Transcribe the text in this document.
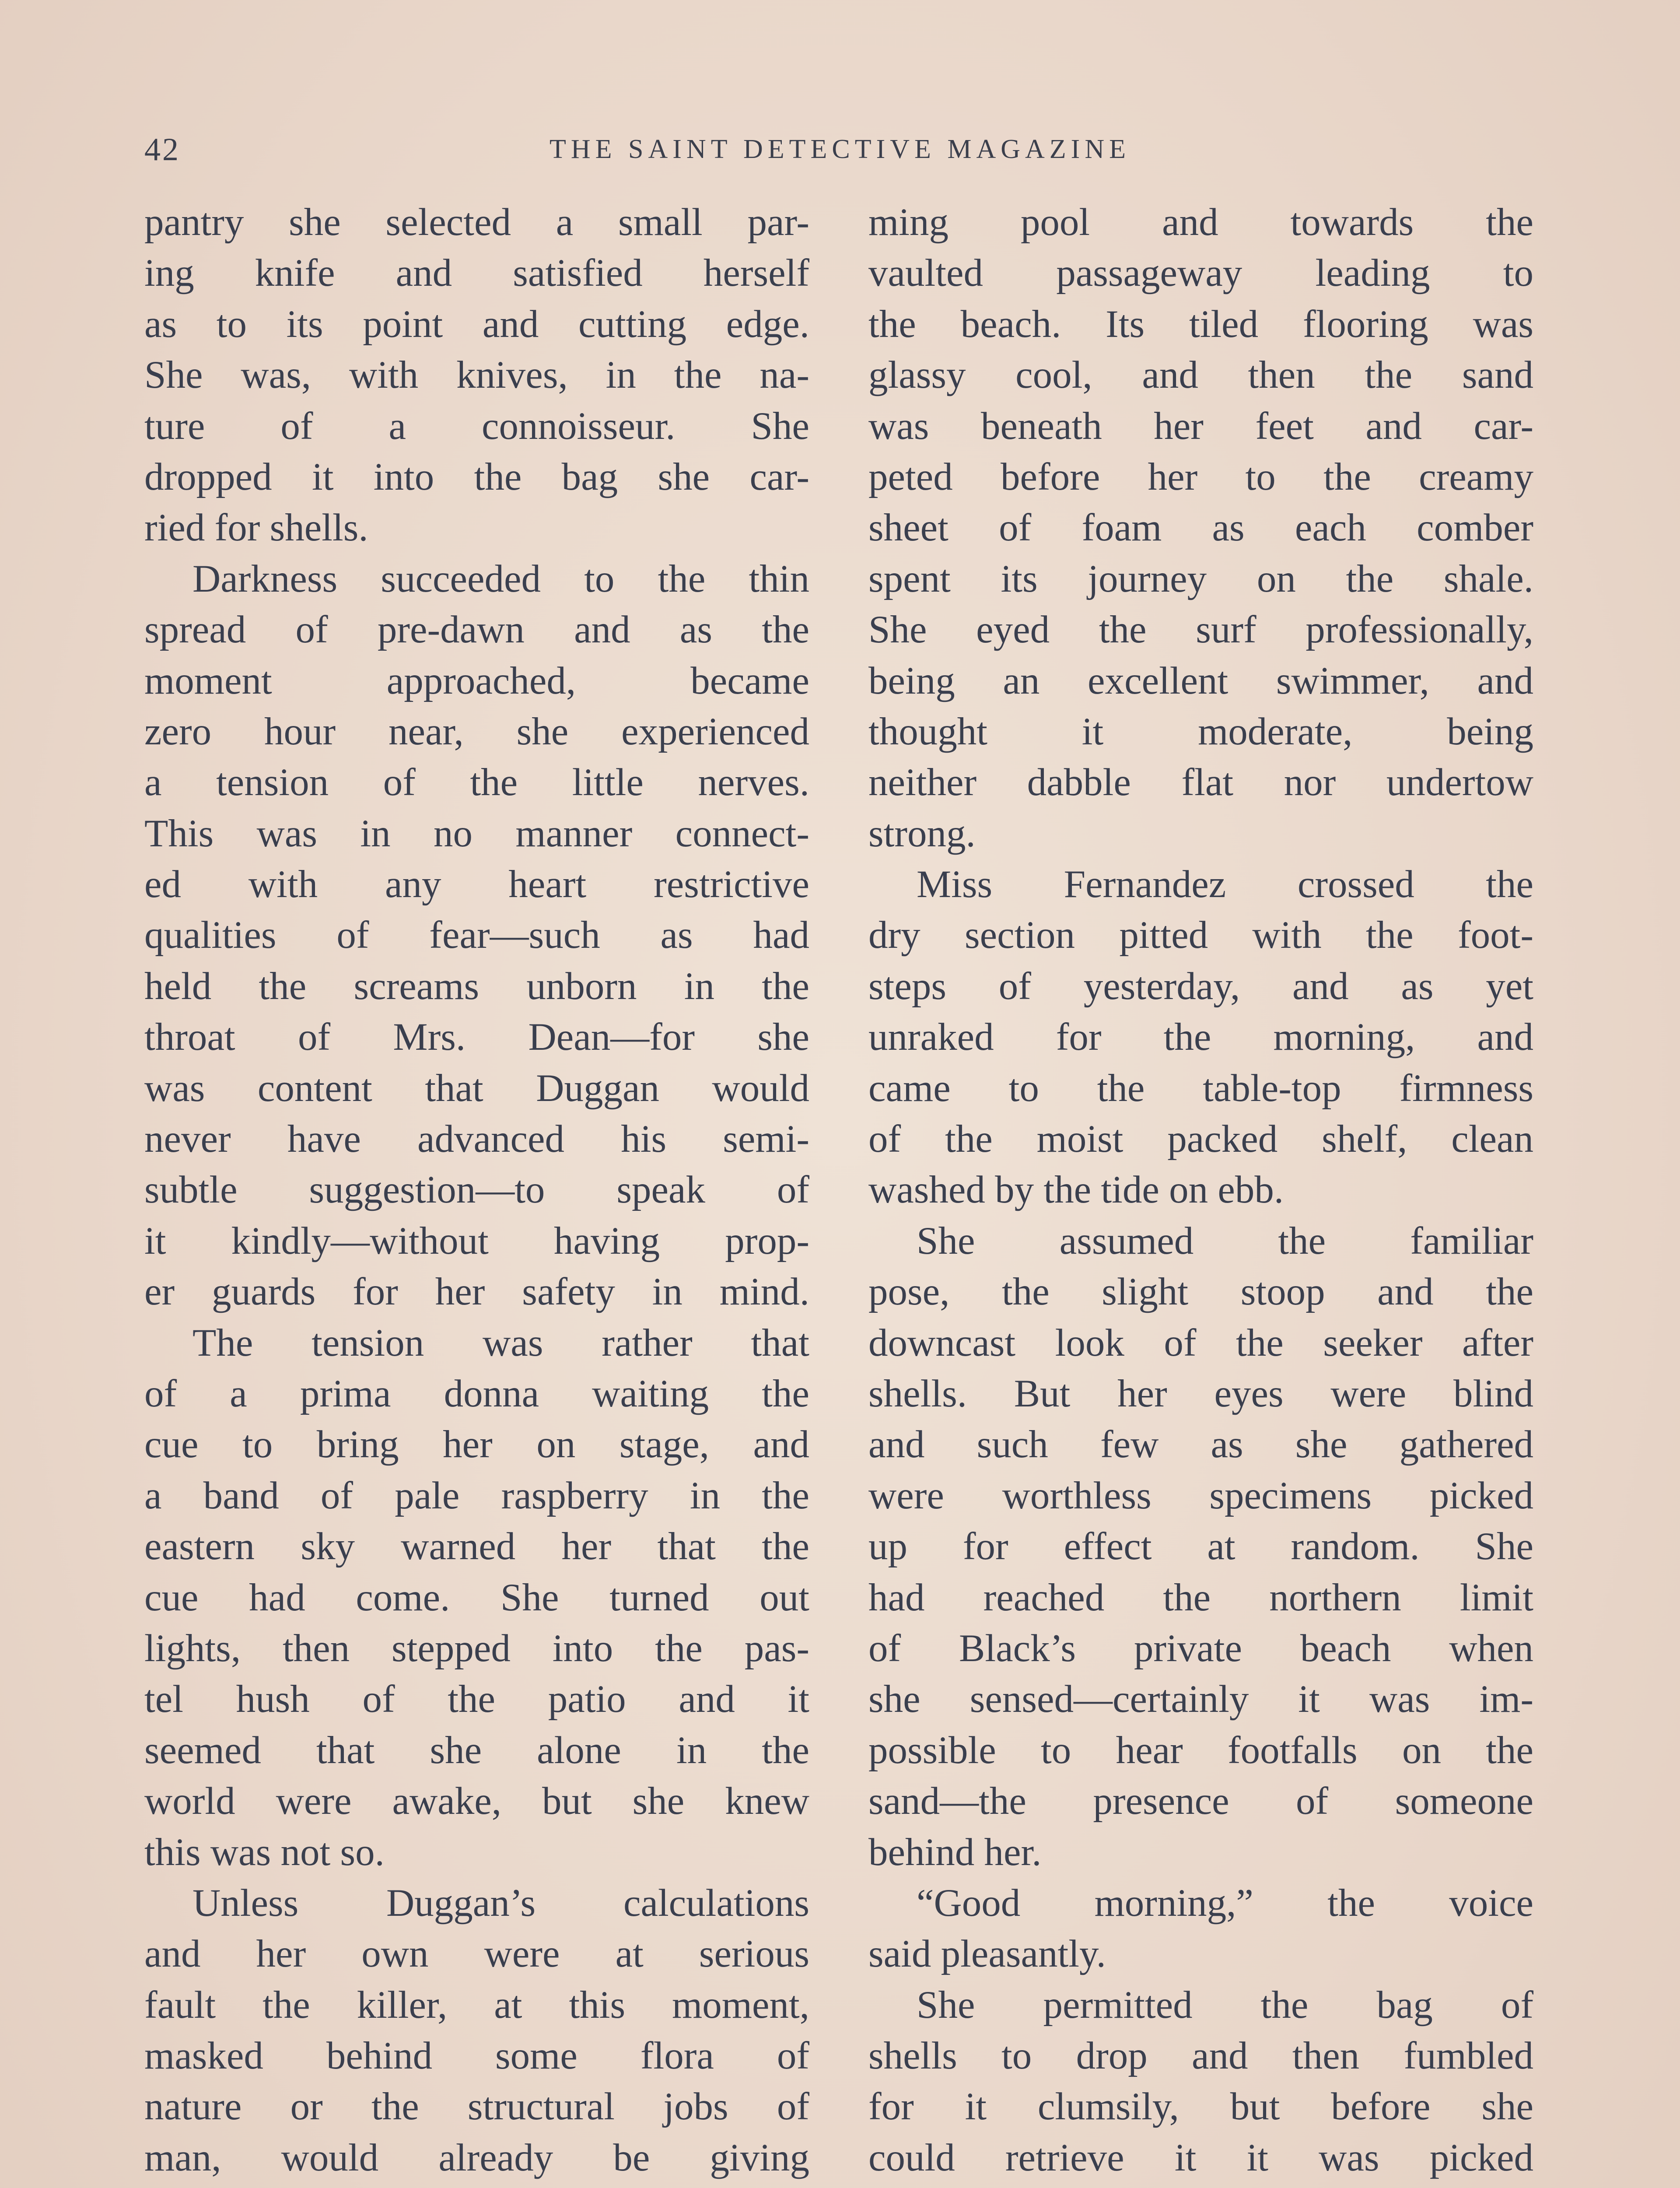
42	THE SAINT DETECTIVE MAGAZINE
pantry she selected a small par-
ing knife and satisfied herself
as to its point and cutting edge.
She was, with knives, in the na-
ture of a connoisseur. She
dropped it into the bag she car-
ried for shells.
Darkness succeeded to the thin
spread of pre-dawn and as the
moment approached, became
zero hour near, she experienced
a tension of the little nerves.
This was in no manner connect-
ed with any heart restrictive
qualities of fear—such as had
held the screams unborn in the
throat of Mrs. Dean—for she
was content that Duggan would
never have advanced his semi-
subtle suggestion—to speak of
it kindly—without having prop-
er guards for her safety in mind.
The tension was rather that
of a prima donna waiting the
cue to bring her on stage, and
a band of pale raspberry in the
eastern sky warned her that the
cue had come. She turned out
lights, then stepped into the pas-
tel hush of the patio and it
seemed that she alone in the
world were awake, but she knew
this was not so.
Unless Duggan’s calculations
and her own were at serious
fault the killer, at this moment,
masked behind some flora of
nature or the structural jobs of
man, would already be giving
ming pool and towards the
vaulted passageway leading to
the beach. Its tiled flooring was
glassy cool, and then the sand
was beneath her feet and car-
peted before her to the creamy
sheet of foam as each comber
spent its journey on the shale.
She eyed the surf professionally,
being an excellent swimmer, and
thought it moderate, being
neither dabble flat nor undertow
strong.
Miss Fernandez crossed the
dry section pitted with the foot-
steps of yesterday, and as yet
unraked for the morning, and
came to the table-top firmness
of the moist packed shelf, clean
washed by the tide on ebb.
She assumed the familiar
pose, the slight stoop and the
downcast look of the seeker after
shells. But her eyes were blind
and such few as she gathered
were worthless specimens picked
up for effect at random. She
had reached the northern limit
of Black’s private beach when
she sensed—certainly it was im-
possible to hear footfalls on the
sand—the presence of someone
behind her.
“Good morning,” the voice
said pleasantly.
She permitted the bag of
shells to drop and then fumbled
for it clumsily, but before she
could retrieve it it was picked
